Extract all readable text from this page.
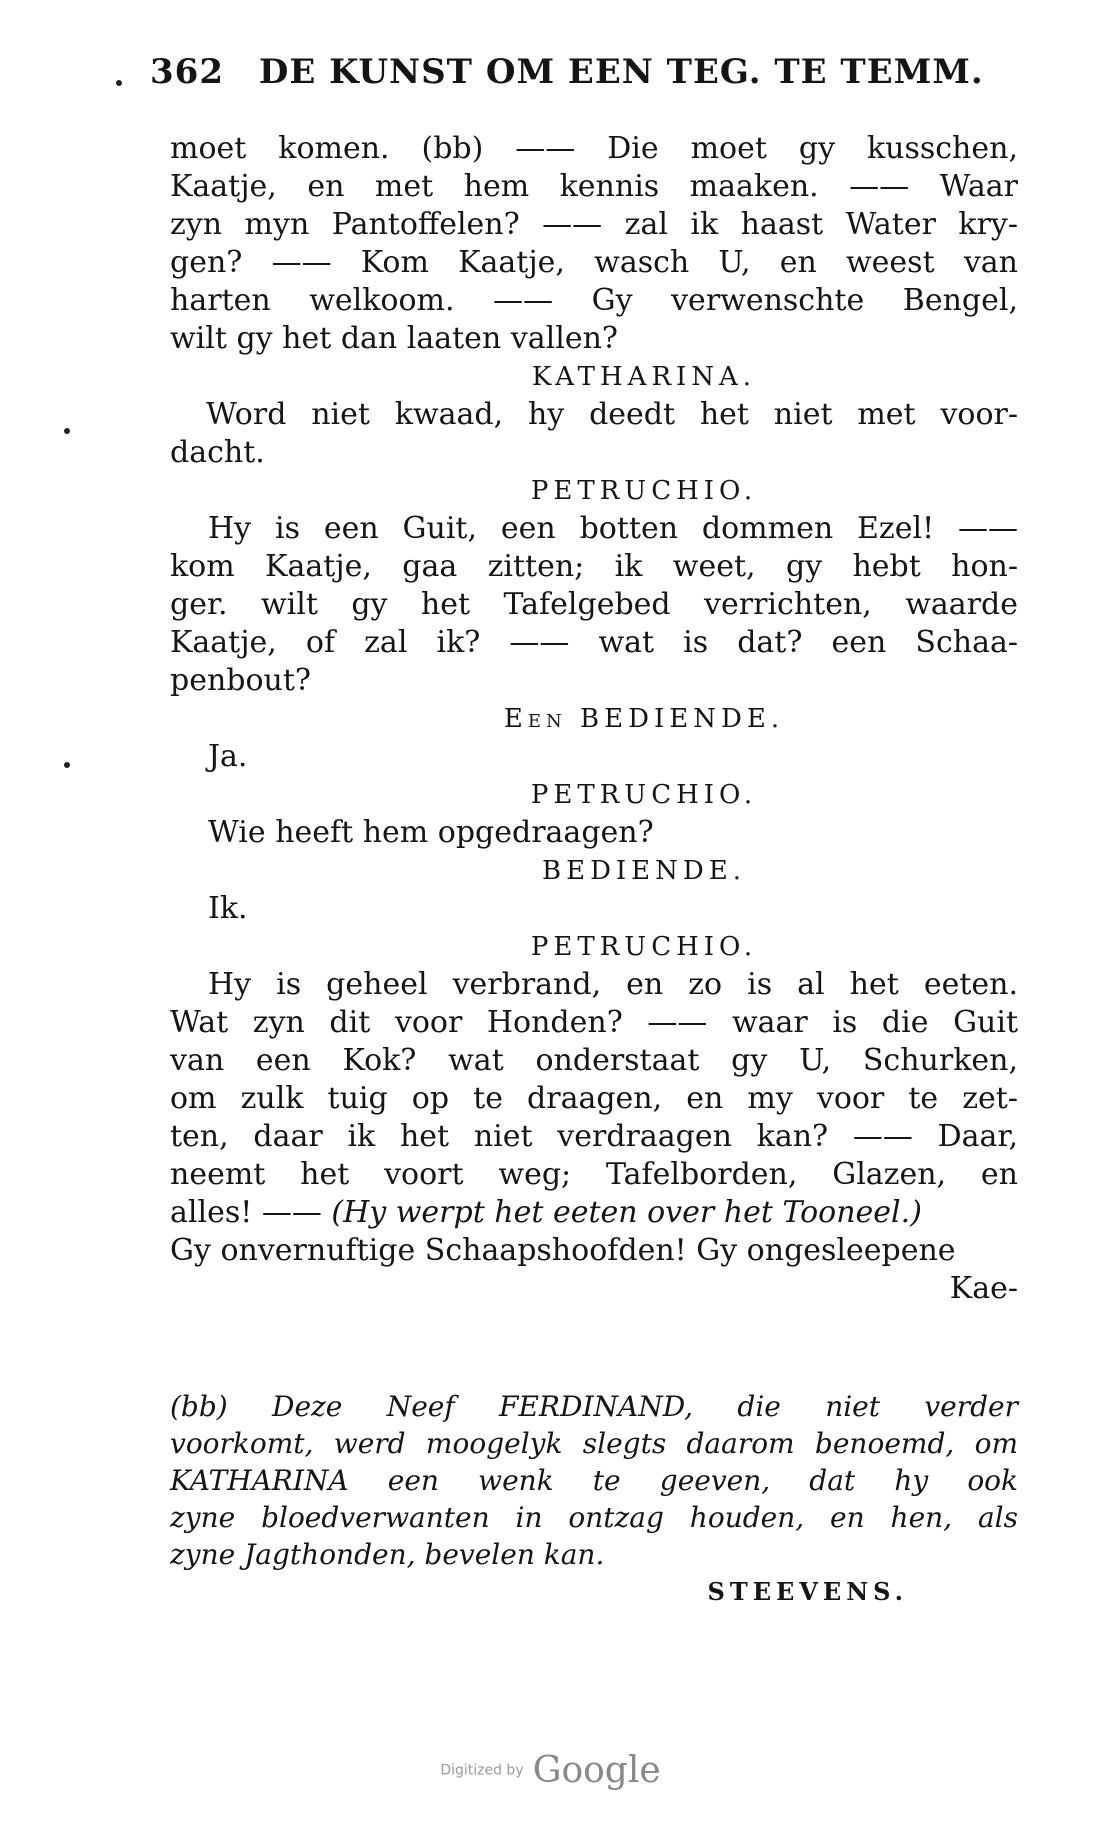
362 DE KUNST OM EEN TEG. TE TEMM.
moet komen. (bb) —— Die moet gy kusschen,
Kaatje, en met hem kennis maaken. —— Waar
zyn myn Pantoffelen? —— zal ik haast Water kry-
gen? —— Kom Kaatje, wasch U, en weest van
harten welkoom. —— Gy verwenschte Bengel,
wilt gy het dan laaten vallen?
KATHARINA.
Word niet kwaad, hy deedt het niet met voor-
dacht.
PETRUCHIO.
Hy is een Guit, een botten dommen Ezel! ——
kom Kaatje, gaa zitten; ik weet, gy hebt hon-
ger. wilt gy het Tafelgebed verrichten, waarde
Kaatje, of zal ik? —— wat is dat? een Schaa-
penbout?
Een BEDIENDE.
Ja.
PETRUCHIO.
Wie heeft hem opgedraagen?
BEDIENDE.
Ik.
PETRUCHIO.
Hy is geheel verbrand, en zo is al het eeten.
Wat zyn dit voor Honden? —— waar is die Guit
van een Kok? wat onderstaat gy U, Schurken,
om zulk tuig op te draagen, en my voor te zet-
ten, daar ik het niet verdraagen kan? —— Daar,
neemt het voort weg; Tafelborden, Glazen, en
alles! —— (Hy werpt het eeten over het Tooneel.)
Gy onvernuftige Schaapshoofden! Gy ongesleepene
Kae-
(bb) Deze Neef FERDINAND, die niet verder
voorkomt, werd moogelyk slegts daarom benoemd, om
KATHARINA een wenk te geeven, dat hy ook
zyne bloedverwanten in ontzag houden, en hen, als
zyne Jagthonden, bevelen kan.
STEEVENS.
Digitized by Google
